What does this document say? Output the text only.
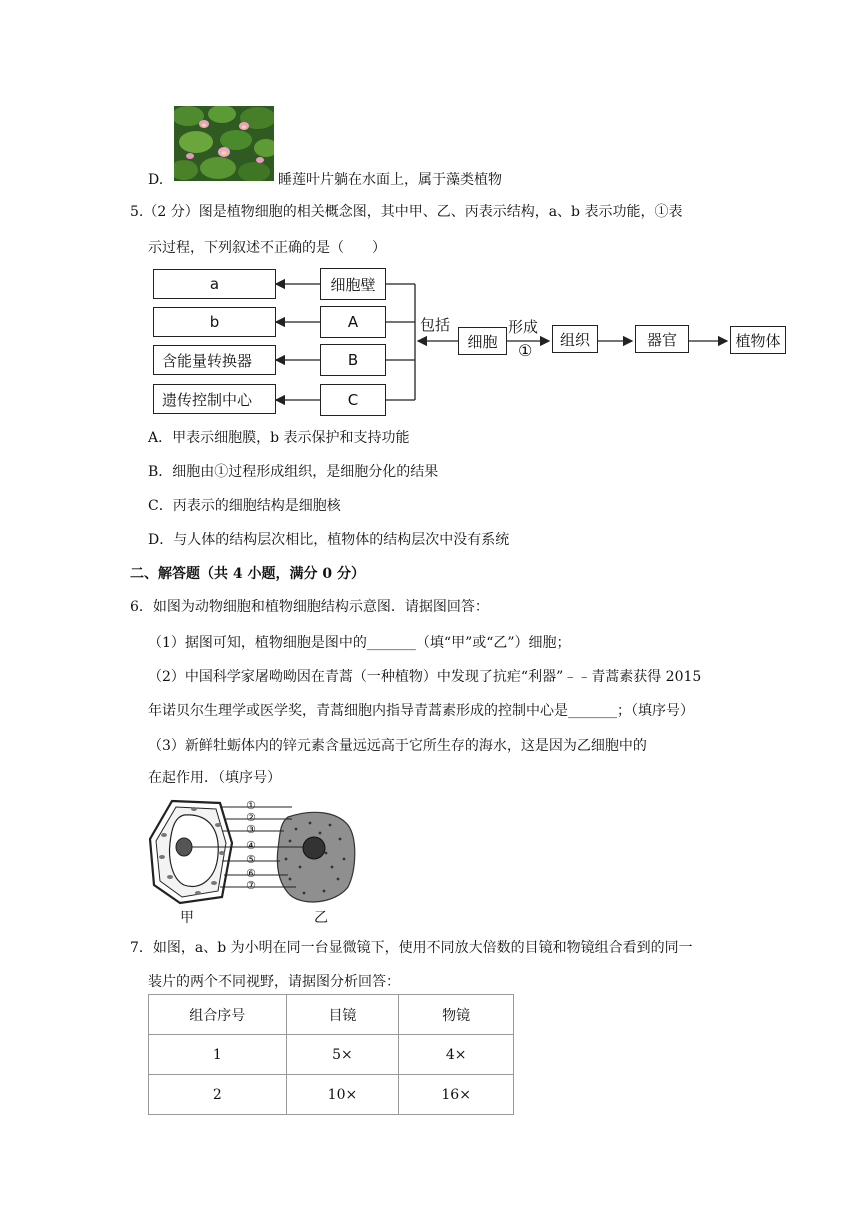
D.	睡莲叶片躺在水面上，属于藻类植物
5.（2 分）图是植物细胞的相关概念图，其中甲、乙、丙表示结构，a、b 表示功能，①表
示过程，下列叙述不正确的是（　　）
a
b
含能量转换器
遗传控制中心
细胞壁
A
B
C
包括	形成
①
细胞	组织	器官	植物体
A．甲表示细胞膜，b 表示保护和支持功能
B．细胞由①过程形成组织，是细胞分化的结果
C．丙表示的细胞结构是细胞核
D．与人体的结构层次相比，植物体的结构层次中没有系统
二、解答题（共 4 小题，满分 0 分）
6．如图为动物细胞和植物细胞结构示意图．请据图回答：
（1）据图可知，植物细胞是图中的_______（填“甲”或“乙”）细胞；
（2）中国科学家屠呦呦因在青蒿（一种植物）中发现了抗疟“利器”﹣﹣青蒿素获得 2015
年诺贝尔生理学或医学奖，青蒿细胞内指导青蒿素形成的控制中心是_______；（填序号）
（3）新鲜牡蛎体内的锌元素含量远远高于它所生存的海水，这是因为乙细胞中的
在起作用．（填序号）
①
②
③
④
⑤
⑥
⑦
甲	乙
7．如图，a、b 为小明在同一台显微镜下，使用不同放大倍数的目镜和物镜组合看到的同一
装片的两个不同视野，请据图分析回答：
组合序号	目镜	物镜
1	5×	4×
2	10×	16×
